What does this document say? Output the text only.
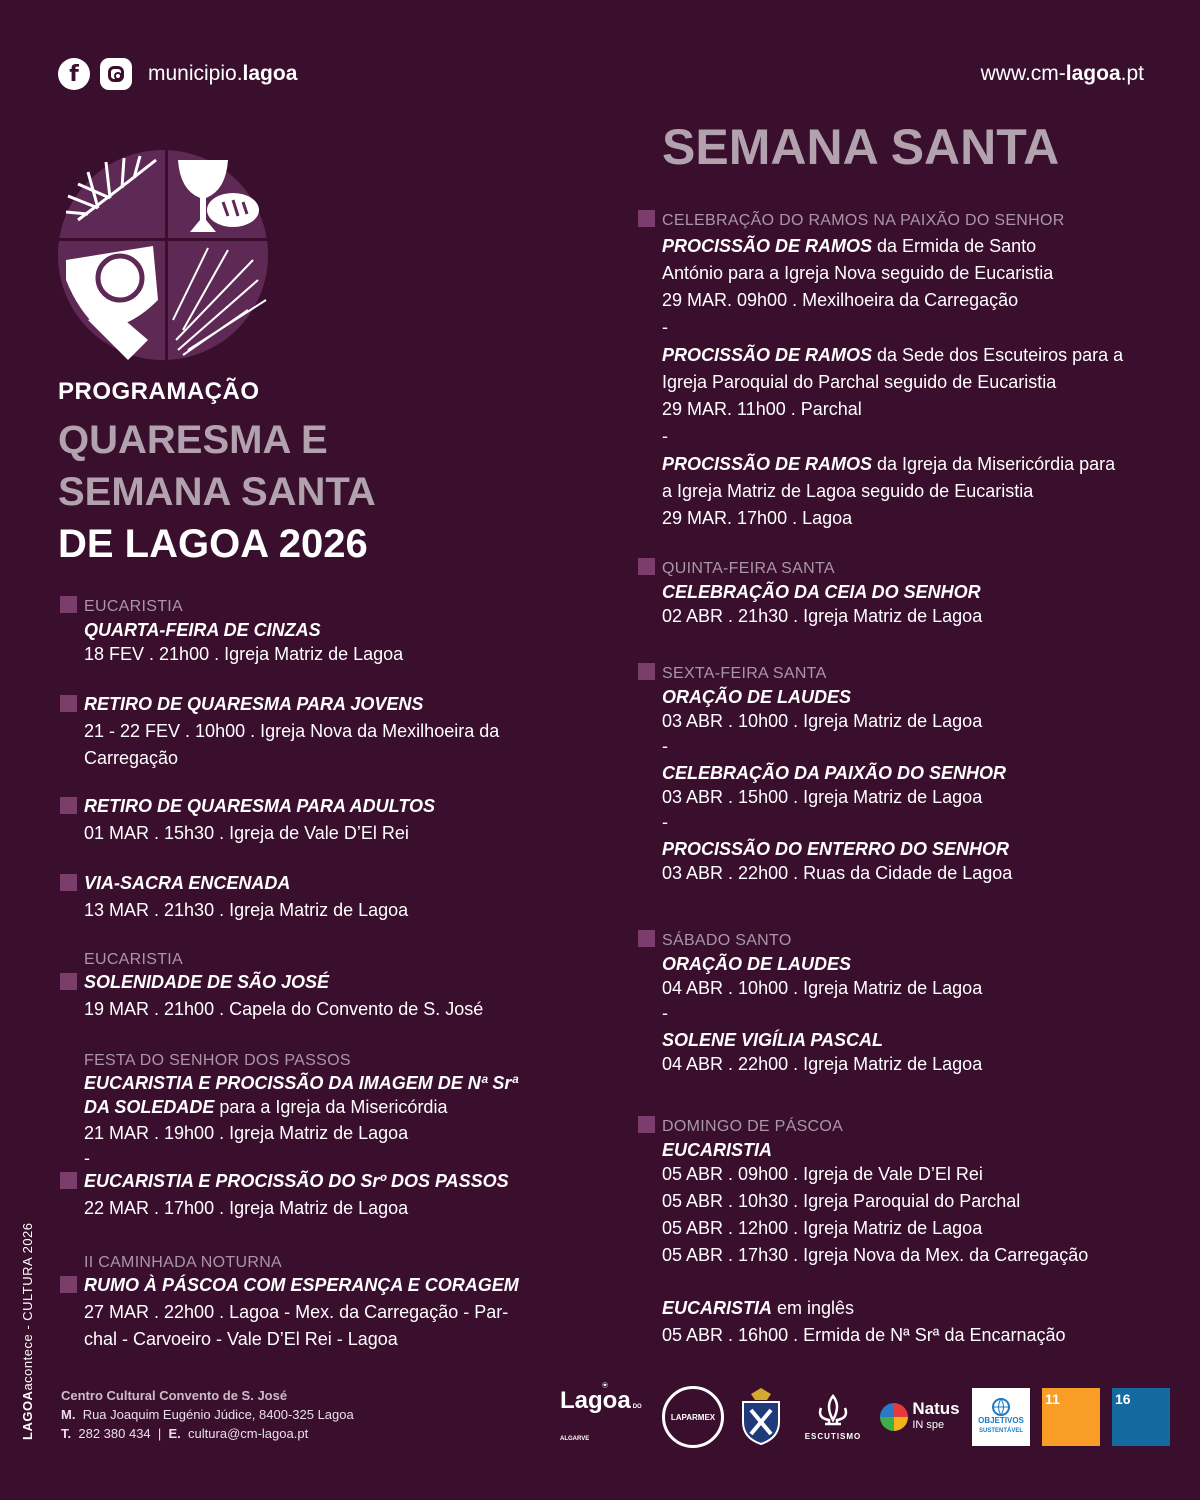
f	municipio.lagoa	www.cm-lagoa.pt
PROGRAMAÇÃO
QUARESMA E
SEMANA SANTA
DE LAGOA 2026
EUCARISTIA
QUARTA-FEIRA DE CINZAS
18 FEV . 21h00 . Igreja Matriz de Lagoa
RETIRO DE QUARESMA PARA JOVENS
21 - 22 FEV . 10h00 . Igreja Nova da Mexilhoeira da
Carregação
RETIRO DE QUARESMA PARA ADULTOS
01 MAR . 15h30 . Igreja de Vale D’El Rei
VIA-SACRA ENCENADA
13 MAR . 21h30 . Igreja Matriz de Lagoa
EUCARISTIA
SOLENIDADE DE SÃO JOSÉ
19 MAR . 21h00 . Capela do Convento de S. José
FESTA DO SENHOR DOS PASSOS
EUCARISTIA E PROCISSÃO DA IMAGEM DE Nª Srª
DA SOLEDADE para a Igreja da Misericórdia
21 MAR . 19h00 . Igreja Matriz de Lagoa
-
EUCARISTIA E PROCISSÃO DO Srº DOS PASSOS
22 MAR . 17h00 . Igreja Matriz de Lagoa
II CAMINHADA NOTURNA
RUMO À PÁSCOA COM ESPERANÇA E CORAGEM
27 MAR . 22h00 . Lagoa - Mex. da Carregação - Par-
chal - Carvoeiro - Vale D’El Rei - Lagoa
SEMANA SANTA
CELEBRAÇÃO DO RAMOS NA PAIXÃO DO SENHOR
PROCISSÃO DE RAMOS da Ermida de Santo
António para a Igreja Nova seguido de Eucaristia
29 MAR. 09h00 . Mexilhoeira da Carregação
-
PROCISSÃO DE RAMOS da Sede dos Escuteiros para a
Igreja Paroquial do Parchal seguido de Eucaristia
29 MAR. 11h00 . Parchal
-
PROCISSÃO DE RAMOS da Igreja da Misericórdia para
a Igreja Matriz de Lagoa seguido de Eucaristia
29 MAR. 17h00 . Lagoa
QUINTA-FEIRA SANTA
CELEBRAÇÃO DA CEIA DO SENHOR
02 ABR . 21h30 . Igreja Matriz de Lagoa
SEXTA-FEIRA SANTA
ORAÇÃO DE LAUDES
03 ABR . 10h00 . Igreja Matriz de Lagoa
-
CELEBRAÇÃO DA PAIXÃO DO SENHOR
03 ABR . 15h00 . Igreja Matriz de Lagoa
-
PROCISSÃO DO ENTERRO DO SENHOR
03 ABR . 22h00 . Ruas da Cidade de Lagoa
SÁBADO SANTO
ORAÇÃO DE LAUDES
04 ABR . 10h00 . Igreja Matriz de Lagoa
-
SOLENE VIGÍLIA PASCAL
04 ABR . 22h00 . Igreja Matriz de Lagoa
DOMINGO DE PÁSCOA
EUCARISTIA
05 ABR . 09h00 . Igreja de Vale D’El Rei
05 ABR . 10h30 . Igreja Paroquial do Parchal
05 ABR . 12h00 . Igreja Matriz de Lagoa
05 ABR . 17h30 . Igreja Nova da Mex. da Carregação
EUCARISTIA em inglês
05 ABR . 16h00 . Ermida de Nª Srª da Encarnação
LAGOAacontece - CULTURA 2026
Centro Cultural Convento de S. José
M. Rua Joaquim Eugénio Júdice, 8400-325 Lagoa
T. 282 380 434 | E. cultura@cm-lagoa.pt
Lagoa DO ALGARVE
LAPARMEX
ESCUTISMO
Natus
IN spe	OBJETIVOS
SUSTENTÁVEL
11	16
